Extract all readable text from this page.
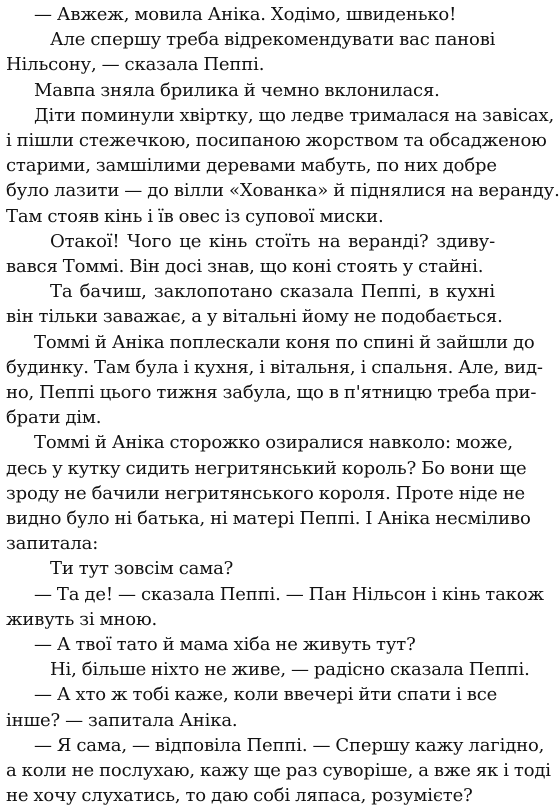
— Авжеж, мовила Аніка. Ходімо, швиденько!
Але спершу треба відрекомендувати вас панові
Нільсону, — сказала Пеппі.
Мавпа зняла брилика й чемно вклонилася.
Діти поминули хвіртку, що ледве трималася на завісах,
і пішли стежечкою, посипаною жорством та обсадженою
старими, замшілими деревами мабуть, по них добре
було лазити — до вілли «Хованка» й піднялися на веранду.
Там стояв кінь і їв овес із супової миски.
Отакої! Чого це кінь стоїть на веранді? здиву-
вався Томмі. Він досі знав, що коні стоять у стайні.
Та бачиш, заклопотано сказала Пеппі, в кухні
він тільки заважає, а у вітальні йому не подобається.
Томмі й Аніка поплескали коня по спині й зайшли до
будинку. Там була і кухня, і вітальня, і спальня. Але, вид-
но, Пеппі цього тижня забула, що в п'ятницю треба при-
брати дім.
Томмі й Аніка сторожко озиралися навколо: може,
десь у кутку сидить негритянський король? Бо вони ще
зроду не бачили негритянського короля. Проте ніде не
видно було ні батька, ні матері Пеппі. І Аніка несміливо
запитала:
Ти тут зовсім сама?
— Та де! — сказала Пеппі. — Пан Нільсон і кінь також
живуть зі мною.
— А твої тато й мама хіба не живуть тут?
Ні, більше ніхто не живе, — радісно сказала Пеппі.
— А хто ж тобі каже, коли ввечері йти спати і все
інше? — запитала Аніка.
— Я сама, — відповіла Пеппі. — Спершу кажу лагідно,
а коли не послухаю, кажу ще раз суворіше, а вже як і тоді
не хочу слухатись, то даю собі ляпаса, розумієте?
